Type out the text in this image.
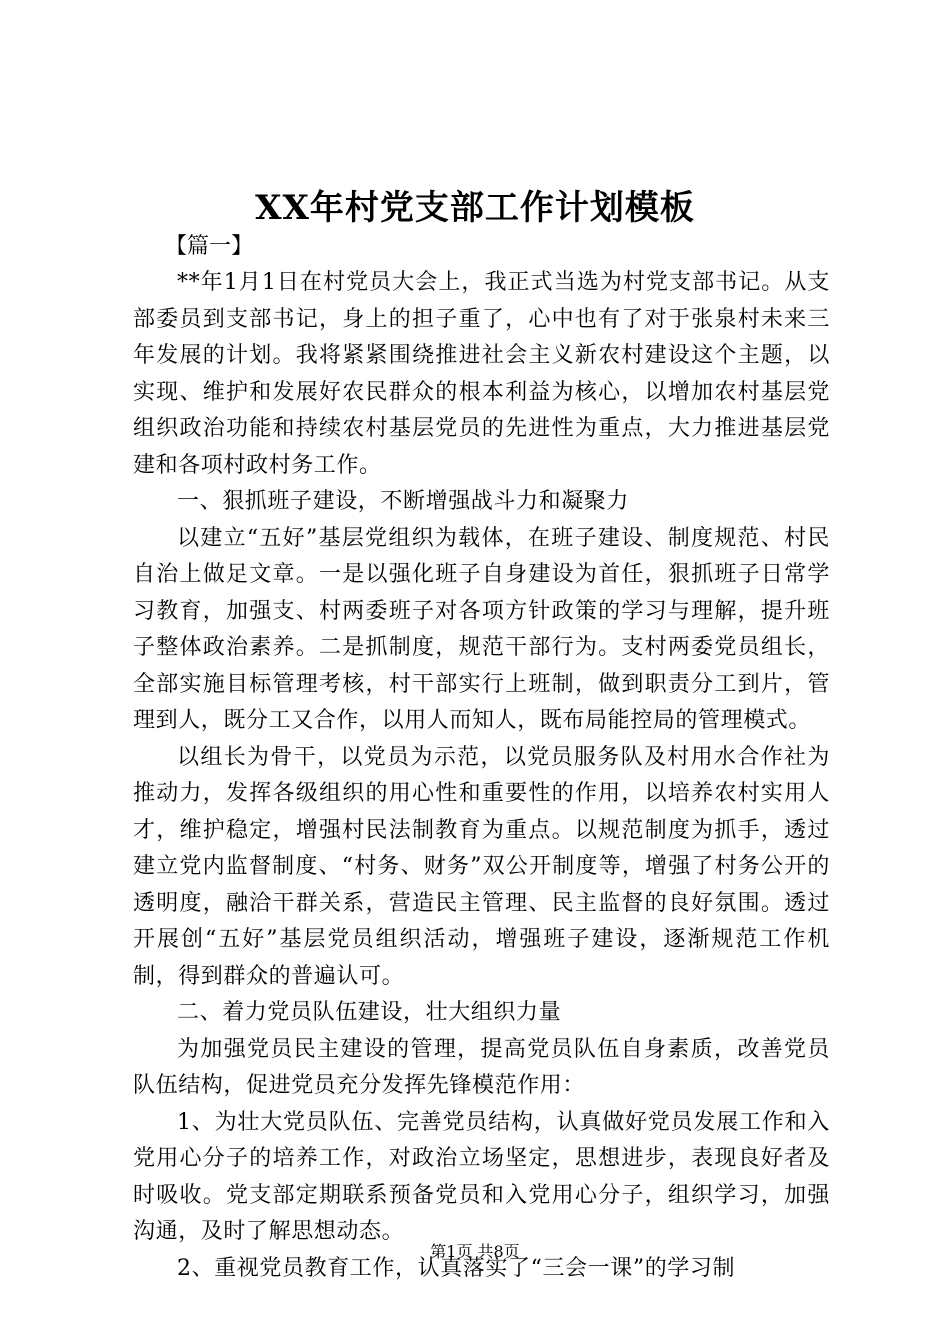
XX年村党支部工作计划模板
【篇一】

**年1月1日在村党员大会上，我正式当选为村党支部书记。从支部委员到支部书记，身上的担子重了，心中也有了对于张泉村未来三年发展的计划。我将紧紧围绕推进社会主义新农村建设这个主题，以实现、维护和发展好农民群众的根本利益为核心，以增加农村基层党组织政治功能和持续农村基层党员的先进性为重点，大力推进基层党建和各项村政村务工作。

一、狠抓班子建设，不断增强战斗力和凝聚力

以建立“五好”基层党组织为载体，在班子建设、制度规范、村民自治上做足文章。一是以强化班子自身建设为首任，狠抓班子日常学习教育，加强支、村两委班子对各项方针政策的学习与理解，提升班子整体政治素养。二是抓制度，规范干部行为。支村两委党员组长，全部实施目标管理考核，村干部实行上班制，做到职责分工到片，管理到人，既分工又合作，以用人而知人，既布局能控局的管理模式。

以组长为骨干，以党员为示范，以党员服务队及村用水合作社为推动力，发挥各级组织的用心性和重要性的作用，以培养农村实用人才，维护稳定，增强村民法制教育为重点。以规范制度为抓手，透过建立党内监督制度、“村务、财务”双公开制度等，增强了村务公开的透明度，融洽干群关系，营造民主管理、民主监督的良好氛围。透过开展创“五好”基层党员组织活动，增强班子建设，逐渐规范工作机制，得到群众的普遍认可。

二、着力党员队伍建设，壮大组织力量

为加强党员民主建设的管理，提高党员队伍自身素质，改善党员队伍结构，促进党员充分发挥先锋模范作用：

1、为壮大党员队伍、完善党员结构，认真做好党员发展工作和入党用心分子的培养工作，对政治立场坚定，思想进步，表现良好者及时吸收。党支部定期联系预备党员和入党用心分子，组织学习，加强沟通，及时了解思想动态。

2、重视党员教育工作，认真落实了“三会一课”的学习制

第1页 共8页
